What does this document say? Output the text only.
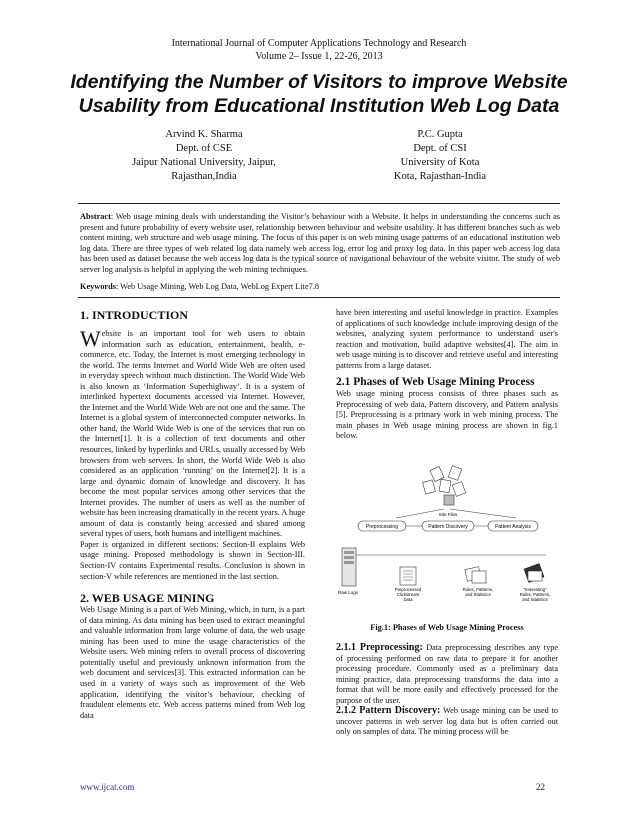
International Journal of Computer Applications Technology and Research
Volume 2– Issue 1, 22-26, 2013
Identifying the Number of Visitors to improve Website
Usability from Educational Institution Web Log Data
Arvind K. Sharma
Dept. of CSE
Jaipur National University, Jaipur,
Rajasthan,India
P.C. Gupta
Dept. of CSI
University of Kota
Kota, Rajasthan-India
Abstract: Web usage mining deals with understanding the Visitor’s behaviour with a Website. It helps in understanding the concerns such as present and future probability of every website user, relationship between behaviour and website usability. It has different branches such as web content mining, web structure and web usage mining. The focus of this paper is on web mining usage patterns of an educational institution web log data. There are three types of web related log data namely web access log, error log and proxy log data. In this paper web access log data has been used as dataset because the web access log data is the typical source of navigational behaviour of the website visitor. The study of web server log analysis is helpful in applying the web mining techniques.
Keywords: Web Usage Mining, Web Log Data, WebLog Expert Lite7.8
1. INTRODUCTION

Website is an important tool for web users to obtain information such as education, entertainment, health, e-commerce, etc. Today, the Internet is most emerging technology in the world. The terms Internet and World Wide Web are often used in everyday speech without much distinction. The World Wide Web is also known as ‘Information Superhighway’. It is a system of interlinked hypertext documents accessed via Internet. However, the Internet and the World Wide Web are not one and the same. The Internet is a global system of interconnected computer networks. In other hand, the World Wide Web is one of the services that run on the Internet[1]. It is a collection of text documents and other resources, linked by hyperlinks and URLs, usually accessed by Web browsers from web servers. In short, the World Wide Web is also considered as an application ‘running’ on the Internet[2]. It is a large and dynamic domain of knowledge and discovery. It has become the most popular services among other services that the Internet provides. The number of users as well as the number of website has been increasing dramatically in the recent years. A huge amount of data is constantly being accessed and shared among several types of users, both humans and intelligent machines.

Paper is organized in different sections: Section-II explains Web usage mining. Proposed methodology is shown in Section-III. Section-IV contains Experimental results. Conclusion is shown in section-V while references are mentioned in the last section.

2. WEB USAGE MINING

Web Usage Mining is a part of Web Mining, which, in turn, is a part of data mining. As data mining has been used to extract meaningful and valuable information from large volume of data, the web usage mining has been used to mine the usage characteristics of the Website users. Web mining refers to overall process of discovering potentially useful and previously unknown information from the web document and services[3]. This extracted information can be used in a variety of ways such as improvement of the Web application, identifying the visitor’s behaviour, checking of fraudulent elements etc. Web access patterns mined from Web log data

have been interesting and useful knowledge in practice. Examples of applications of such knowledge include improving design of the websites, analyzing system performance to understand user's reaction and motivation, build adaptive websites[4]. The aim in web usage mining is to discover and retrieve useful and interesting patterns from a large dataset.

2.1 Phases of Web Usage Mining Process

Web usage mining process consists of three phases such as Preprocessing of web data, Pattern discovery, and Pattern analysis [5]. Preprocessing is a primary work in web mining process. The main phases in Web usage mining process are shown in fig.1 below.

Site Files
Preprocessing	Pattern Discovery	Pattern Analysis
Raw Logs
Preprocessed
Clickstream
Data
Rules, Patterns,
and Statistics
"Interesting"
Rules, Patterns,
and Statistics
Fig.1: Phases of Web Usage Mining Process

2.1.1 Preprocessing: Data preprocessing describes any type of processing performed on raw data to prepare it for another processing procedure. Commonly used as a preliminary data mining practice, data preprocessing transforms the data into a format that will be more easily and effectively processed for the purpose of the user.

2.1.2 Pattern Discovery: Web usage mining can be used to uncover patterns in web server log data but is often carried out only on samples of data. The mining process will be

www.ijcat.com	22
